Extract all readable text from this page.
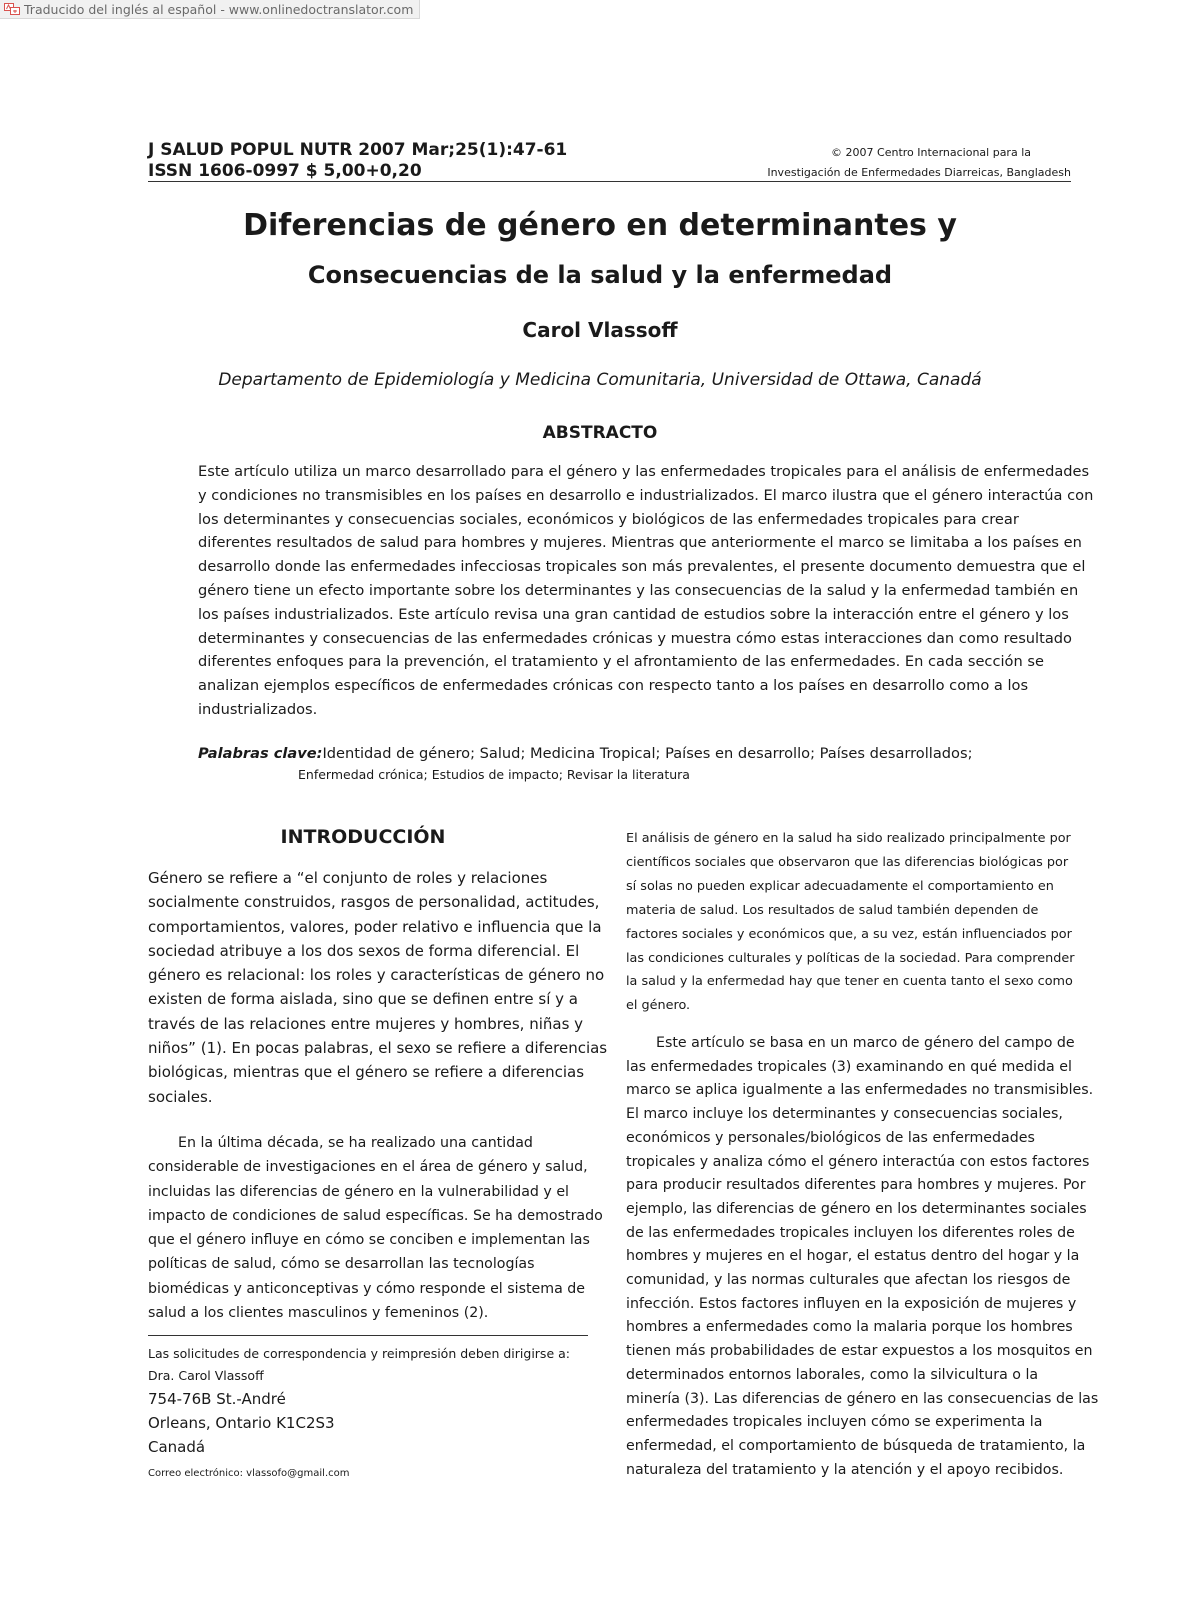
Traducido del inglés al español - www.onlinedoctranslator.com
J SALUD POPUL NUTR 2007 Mar;25(1):47-61
ISSN 1606-0997 $ 5,00+0,20
© 2007 Centro Internacional para la
Investigación de Enfermedades Diarreicas, Bangladesh
Diferencias de género en determinantes y
Consecuencias de la salud y la enfermedad
Carol Vlassoff
Departamento de Epidemiología y Medicina Comunitaria, Universidad de Ottawa, Canadá
ABSTRACTO
Este artículo utiliza un marco desarrollado para el género y las enfermedades tropicales para el análisis de enfermedades
y condiciones no transmisibles en los países en desarrollo e industrializados. El marco ilustra que el género interactúa con
los determinantes y consecuencias sociales, económicos y biológicos de las enfermedades tropicales para crear
diferentes resultados de salud para hombres y mujeres. Mientras que anteriormente el marco se limitaba a los países en
desarrollo donde las enfermedades infecciosas tropicales son más prevalentes, el presente documento demuestra que el
género tiene un efecto importante sobre los determinantes y las consecuencias de la salud y la enfermedad también en
los países industrializados. Este artículo revisa una gran cantidad de estudios sobre la interacción entre el género y los
determinantes y consecuencias de las enfermedades crónicas y muestra cómo estas interacciones dan como resultado
diferentes enfoques para la prevención, el tratamiento y el afrontamiento de las enfermedades. En cada sección se
analizan ejemplos específicos de enfermedades crónicas con respecto tanto a los países en desarrollo como a los
industrializados.
Palabras clave:Identidad de género; Salud; Medicina Tropical; Países en desarrollo; Países desarrollados;
Enfermedad crónica; Estudios de impacto; Revisar la literatura
INTRODUCCIÓN
Género se refiere a “el conjunto de roles y relaciones
socialmente construidos, rasgos de personalidad, actitudes,
comportamientos, valores, poder relativo e influencia que la
sociedad atribuye a los dos sexos de forma diferencial. El
género es relacional: los roles y características de género no
existen de forma aislada, sino que se definen entre sí y a
través de las relaciones entre mujeres y hombres, niñas y
niños” (1). En pocas palabras, el sexo se refiere a diferencias
biológicas, mientras que el género se refiere a diferencias
sociales.
En la última década, se ha realizado una cantidad
considerable de investigaciones en el área de género y salud,
incluidas las diferencias de género en la vulnerabilidad y el
impacto de condiciones de salud específicas. Se ha demostrado
que el género influye en cómo se conciben e implementan las
políticas de salud, cómo se desarrollan las tecnologías
biomédicas y anticonceptivas y cómo responde el sistema de
salud a los clientes masculinos y femeninos (2).
Las solicitudes de correspondencia y reimpresión deben dirigirse a:
Dra. Carol Vlassoff
754-76B St.-André
Orleans, Ontario K1C2S3
Canadá
Correo electrónico: vlassofo@gmail.com
El análisis de género en la salud ha sido realizado principalmente por
científicos sociales que observaron que las diferencias biológicas por
sí solas no pueden explicar adecuadamente el comportamiento en
materia de salud. Los resultados de salud también dependen de
factores sociales y económicos que, a su vez, están influenciados por
las condiciones culturales y políticas de la sociedad. Para comprender
la salud y la enfermedad hay que tener en cuenta tanto el sexo como
el género.
Este artículo se basa en un marco de género del campo de
las enfermedades tropicales (3) examinando en qué medida el
marco se aplica igualmente a las enfermedades no transmisibles.
El marco incluye los determinantes y consecuencias sociales,
económicos y personales/biológicos de las enfermedades
tropicales y analiza cómo el género interactúa con estos factores
para producir resultados diferentes para hombres y mujeres. Por
ejemplo, las diferencias de género en los determinantes sociales
de las enfermedades tropicales incluyen los diferentes roles de
hombres y mujeres en el hogar, el estatus dentro del hogar y la
comunidad, y las normas culturales que afectan los riesgos de
infección. Estos factores influyen en la exposición de mujeres y
hombres a enfermedades como la malaria porque los hombres
tienen más probabilidades de estar expuestos a los mosquitos en
determinados entornos laborales, como la silvicultura o la
minería (3). Las diferencias de género en las consecuencias de las
enfermedades tropicales incluyen cómo se experimenta la
enfermedad, el comportamiento de búsqueda de tratamiento, la
naturaleza del tratamiento y la atención y el apoyo recibidos.
